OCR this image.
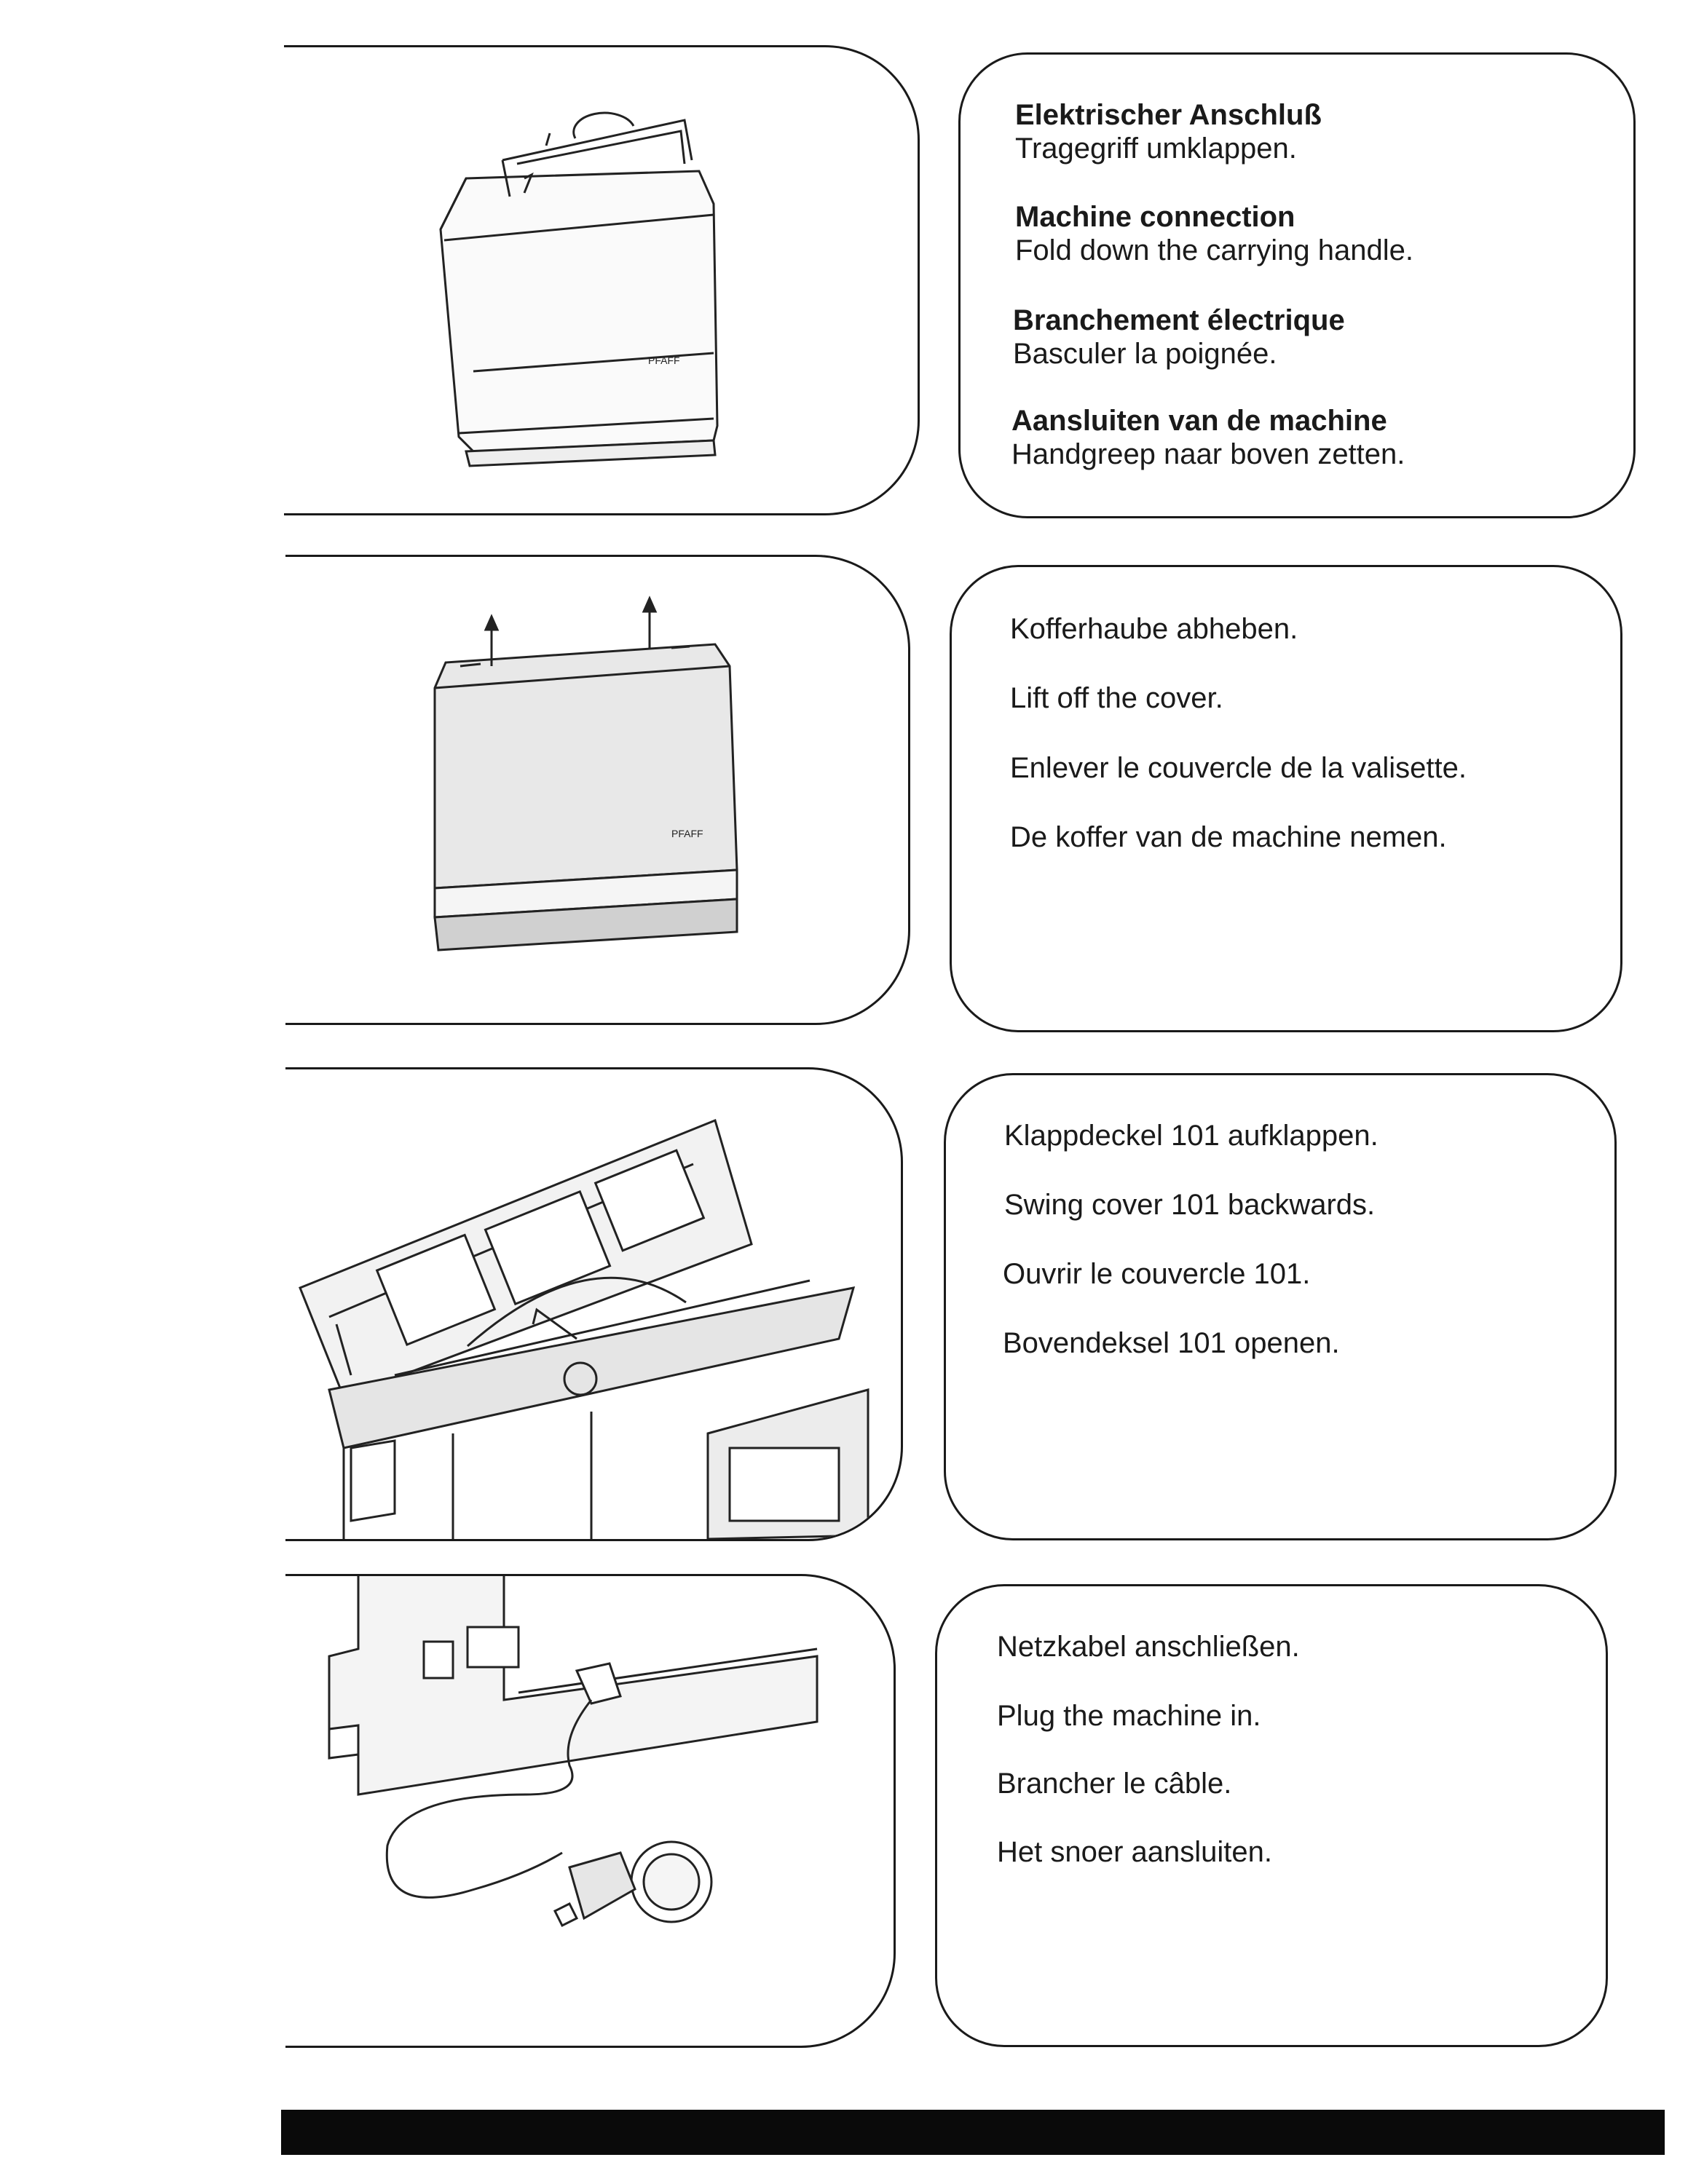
PFAFF
Elektrischer Anschluß
Tragegriff umklappen.
Machine connection
Fold down the carrying handle.
Branchement électrique
Basculer la poignée.
Aansluiten van de machine
Handgreep naar boven zetten.
PFAFF
Kofferhaube abheben.
Lift off the cover.
Enlever le couvercle de la valisette.
De koffer van de machine nemen.
Klappdeckel 101 aufklappen.
Swing cover 101 backwards.
Ouvrir le couvercle 101.
Bovendeksel 101 openen.
Netzkabel anschließen.
Plug the machine in.
Brancher le câble.
Het snoer aansluiten.
